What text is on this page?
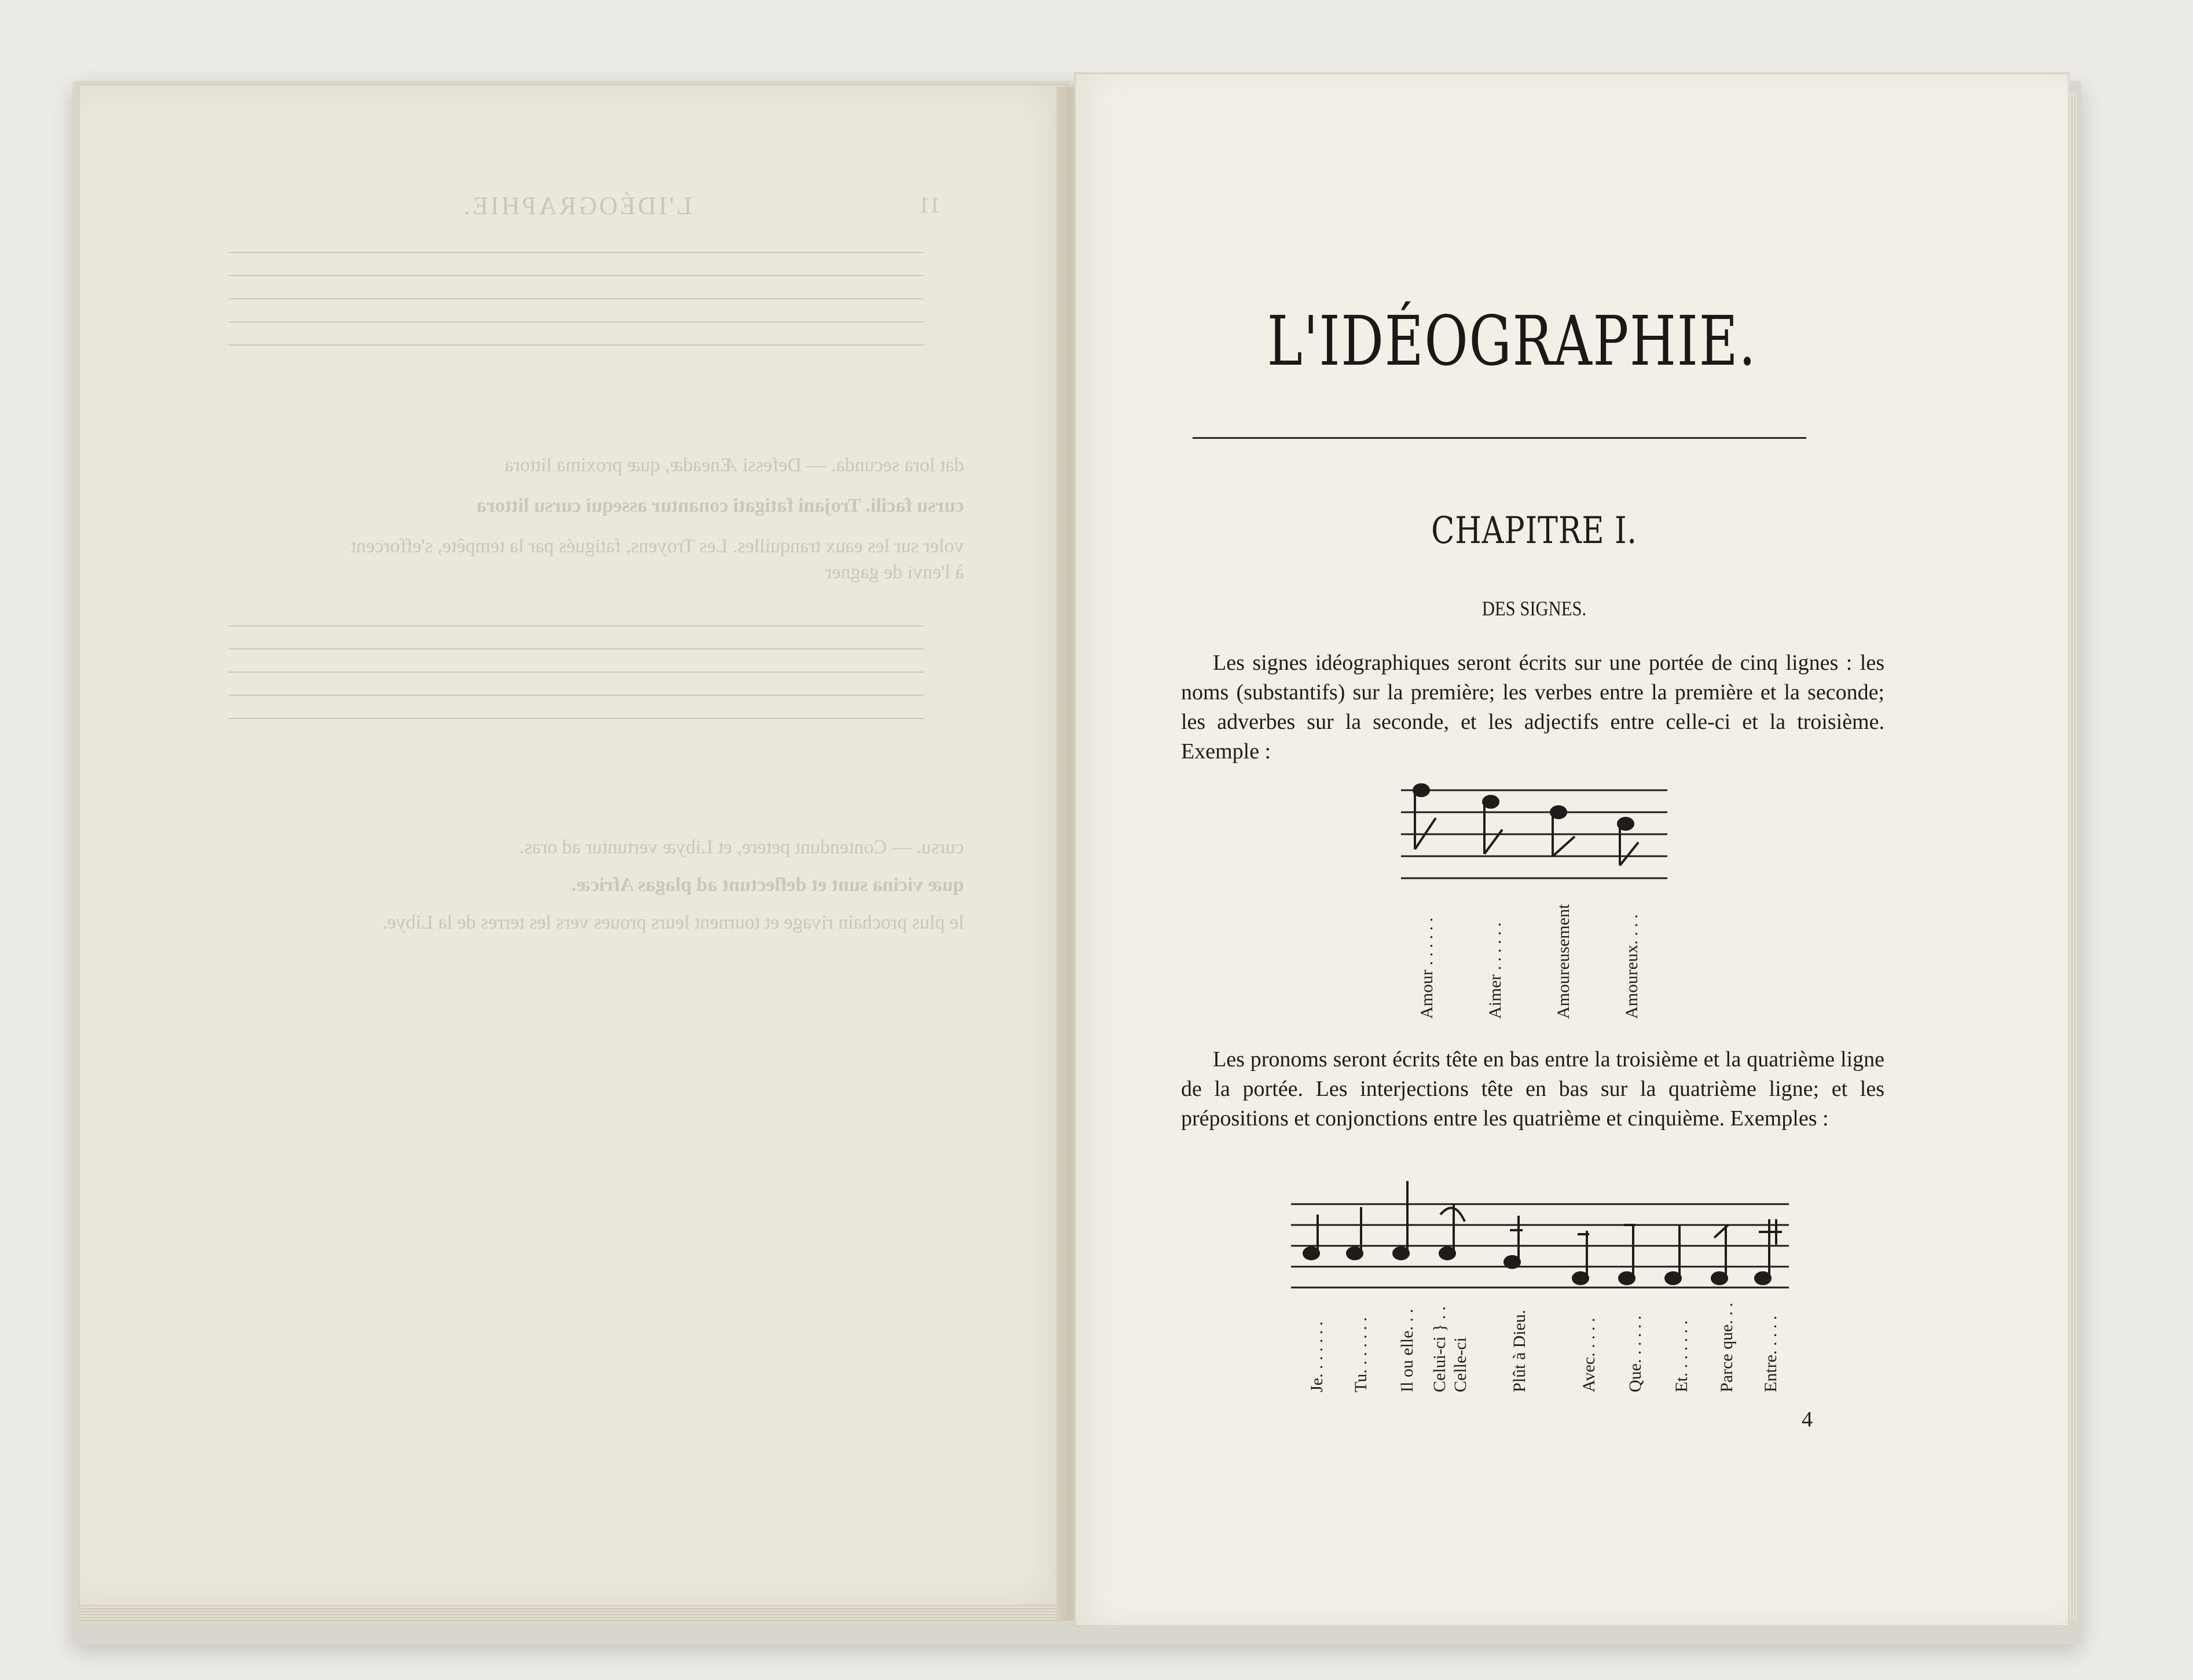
L'IDÉOGRAPHIE.	11
dat lora secunda. — Defessi Æneadæ, quæ proxima littora
cursu facili. Trojani fatigati conantur assequi cursu littora
voler sur les eaux tranquilles. Les Troyens, fatigués par la tempête, s'efforcent
à l'envi de gagner
cursu. — Contendunt petere, et Libyæ vertuntur ad oras.
quæ vicina sunt et deflectunt ad plagas Africæ.
le plus prochain rivage et tournent leurs proues vers les terres de la Libye.
L'IDÉOGRAPHIE.
CHAPITRE I.
DES SIGNES.
Les signes idéographiques seront écrits sur une portée de cinq lignes : les noms (substantifs) sur la première; les verbes entre la première et la seconde; les adverbes sur la seconde, et les adjectifs entre celle-ci et la troisième. Exemple :
Amour . . . . . .	Aimer . . . . . .	Amoureusement	Amoureux. . . .
Les pronoms seront écrits tête en bas entre la troisième et la quatrième ligne de la portée. Les interjections tête en bas sur la quatrième ligne; et les prépositions et conjonctions entre les quatrième et cinquième. Exemples :
Je. . . . . . . Tu. . . . . . . Il ou elle. . . Celui-ci } . . Celle-ci Plût à Dieu.	Avec. . . . . Que. . . . . . Et. . . . . . . Parce que. . . Entre. . . . .
4
